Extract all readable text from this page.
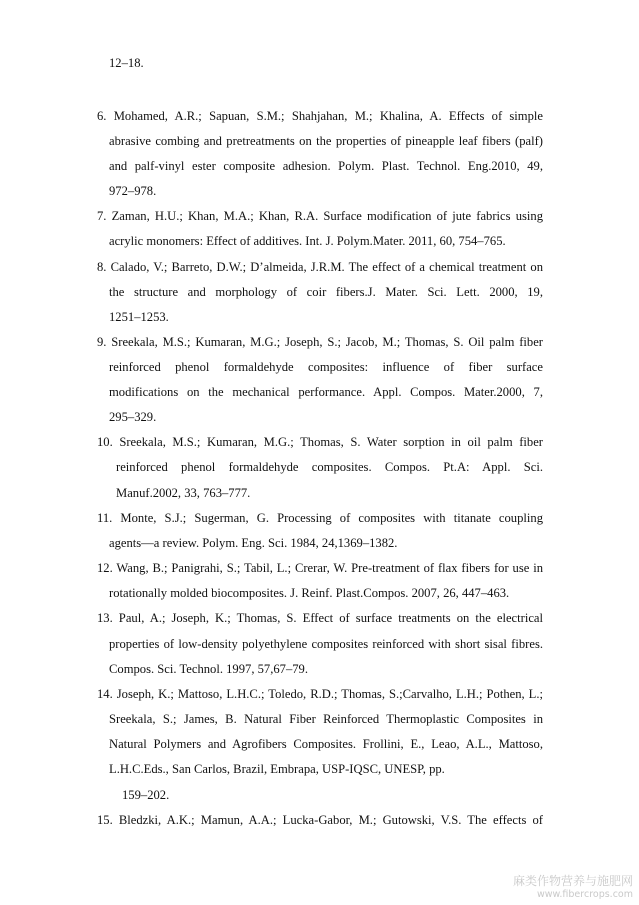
12–18.
6. Mohamed, A.R.; Sapuan, S.M.; Shahjahan, M.; Khalina, A. Effects of simple
abrasive combing and pretreatments on the properties of pineapple leaf fibers (palf)
and palf-vinyl ester composite adhesion. Polym. Plast. Technol. Eng.2010, 49,
972–978.
7. Zaman, H.U.; Khan, M.A.; Khan, R.A. Surface modification of jute fabrics using
acrylic monomers: Effect of additives. Int. J. Polym.Mater. 2011, 60, 754–765.
8. Calado, V.; Barreto, D.W.; D’almeida, J.R.M. The effect of a chemical treatment on
the structure and morphology of coir fibers.J. Mater. Sci. Lett. 2000, 19,
1251–1253.
9. Sreekala, M.S.; Kumaran, M.G.; Joseph, S.; Jacob, M.; Thomas, S. Oil palm fiber
reinforced phenol formaldehyde composites: influence of fiber surface
modifications on the mechanical performance. Appl. Compos. Mater.2000, 7,
295–329.
10. Sreekala, M.S.; Kumaran, M.G.; Thomas, S. Water sorption in oil palm fiber
reinforced phenol formaldehyde composites. Compos. Pt.A: Appl. Sci.
Manuf.2002, 33, 763–777.
11. Monte, S.J.; Sugerman, G. Processing of composites with titanate coupling
agents—a review. Polym. Eng. Sci. 1984, 24,1369–1382.
12. Wang, B.; Panigrahi, S.; Tabil, L.; Crerar, W. Pre-treatment of flax fibers for use in
rotationally molded biocomposites. J. Reinf. Plast.Compos. 2007, 26, 447–463.
13. Paul, A.; Joseph, K.; Thomas, S. Effect of surface treatments on the electrical
properties of low-density polyethylene composites reinforced with short sisal fibres.
Compos. Sci. Technol. 1997, 57,67–79.
14. Joseph, K.; Mattoso, L.H.C.; Toledo, R.D.; Thomas, S.;Carvalho, L.H.; Pothen, L.;
Sreekala, S.; James, B. Natural Fiber Reinforced Thermoplastic Composites in
Natural Polymers and Agrofibers Composites. Frollini, E., Leao, A.L., Mattoso,
L.H.C.Eds., San Carlos, Brazil, Embrapa, USP-IQSC, UNESP, pp.
159–202.
15. Bledzki, A.K.; Mamun, A.A.; Lucka-Gabor, M.; Gutowski, V.S. The effects of
麻类作物营养与施肥网
www.fibercrops.com
